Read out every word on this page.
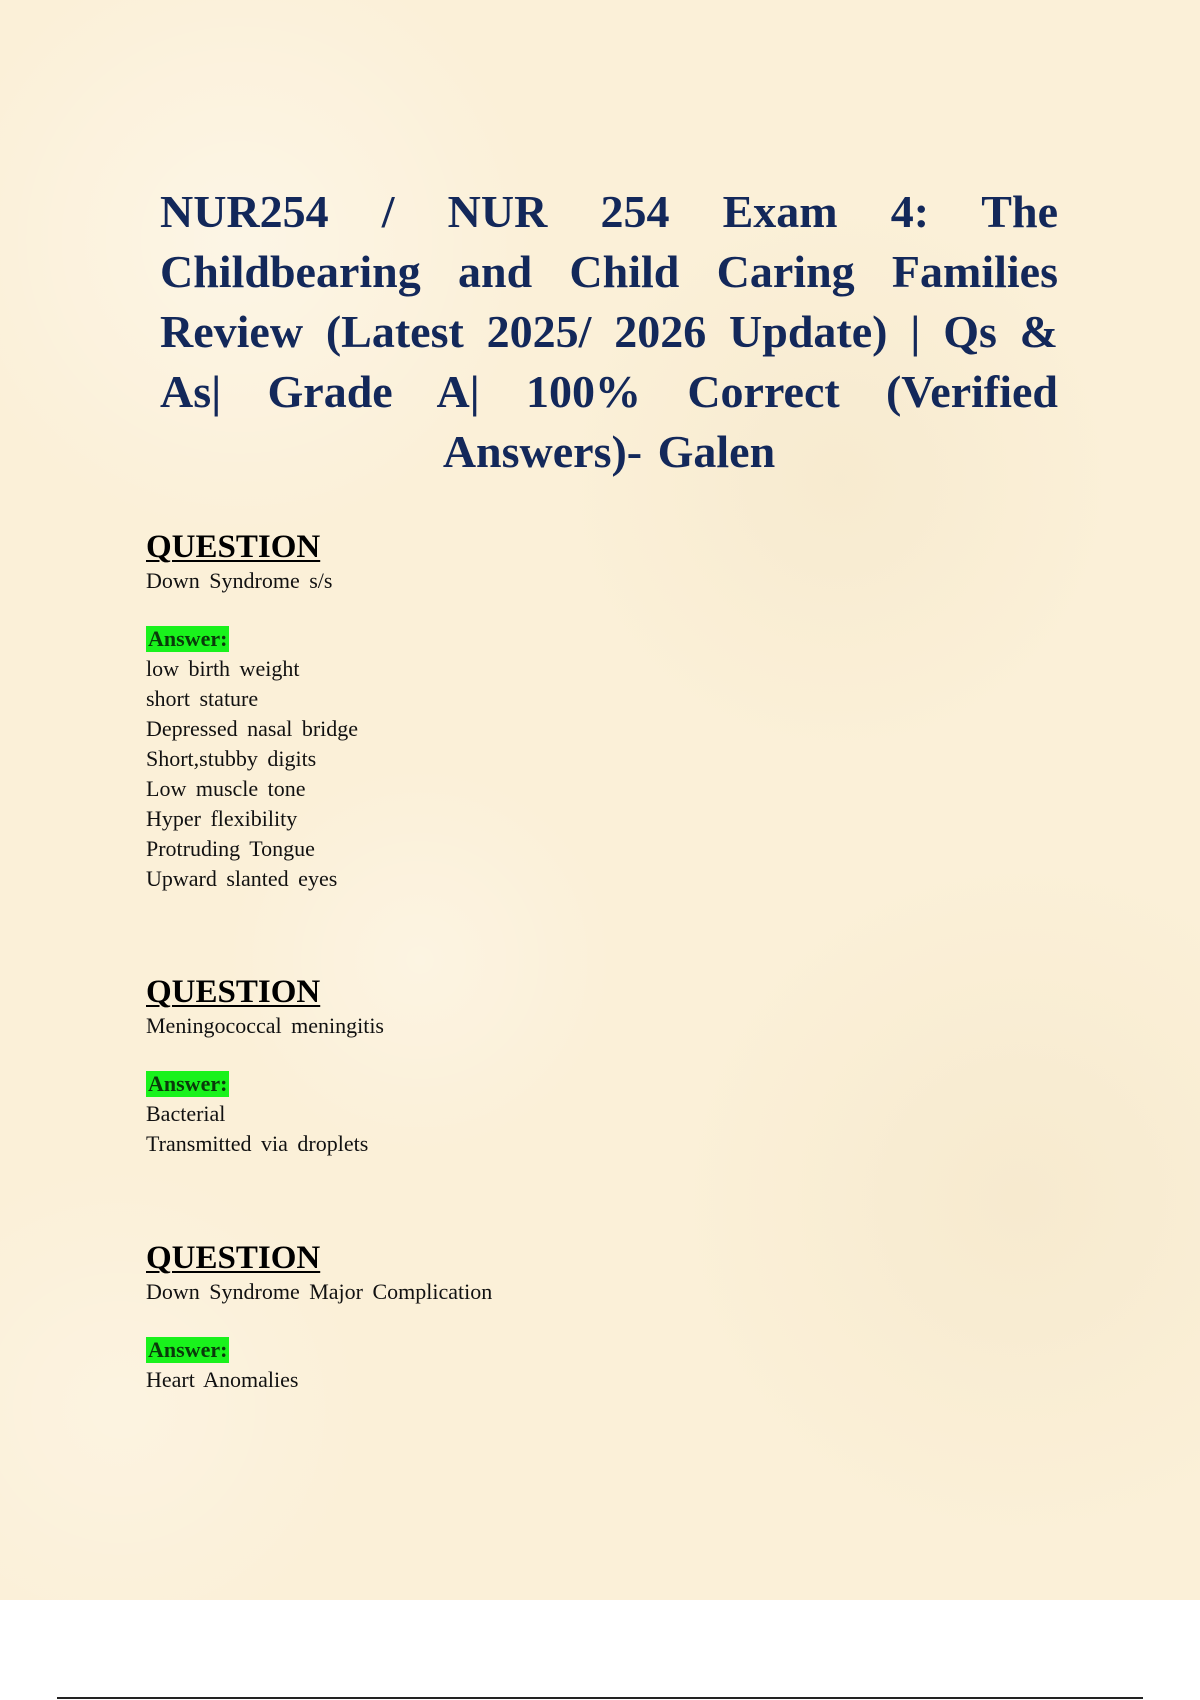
NUR254 / NUR 254 Exam 4: The Childbearing and Child Caring Families Review (Latest 2025/ 2026 Update) | Qs & As| Grade A| 100% Correct (Verified Answers)- Galen
QUESTION
Down Syndrome s/s
Answer:
low birth weight
short stature
Depressed nasal bridge
Short,stubby digits
Low muscle tone
Hyper flexibility
Protruding Tongue
Upward slanted eyes
QUESTION
Meningococcal meningitis
Answer:
Bacterial
Transmitted via droplets
QUESTION
Down Syndrome Major Complication
Answer:
Heart Anomalies
